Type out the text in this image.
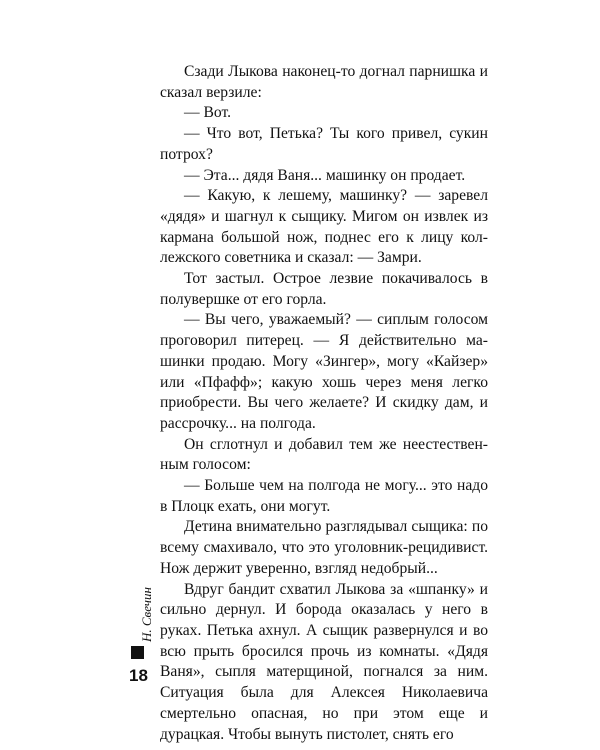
Сзади Лыкова наконец-то догнал парнишка и сказал верзиле:

— Вот.

— Что вот, Петька? Ты кого привел, сукин потрох?

— Эта... дядя Ваня... машинку он продает.

— Какую, к лешему, машинку? — заревел «дядя» и шагнул к сыщику. Мигом он извлек из кармана большой нож, поднес его к лицу коллежского советника и сказал: — Замри.

Тот застыл. Острое лезвие покачивалось в полувершке от его горла.

— Вы чего, уважаемый? — сиплым голосом проговорил питерец. — Я действительно машинки продаю. Могу «Зингер», могу «Кайзер» или «Пфафф»; какую хошь через меня легко приобрести. Вы чего желаете? И скидку дам, и рассрочку... на полгода.

Он сглотнул и добавил тем же неестественным голосом:

— Больше чем на полгода не могу... это надо в Плоцк ехать, они могут.

Детина внимательно разглядывал сыщика: по всему смахивало, что это уголовник-рецидивист. Нож держит уверенно, взгляд недобрый...

Вдруг бандит схватил Лыкова за «шпанку» и сильно дернул. И борода оказалась у него в руках. Петька ахнул. А сыщик развернулся и во всю прыть бросился прочь из комнаты. «Дядя Ваня», сыпля матерщиной, погнался за ним. Ситуация была для Алексея Николаевича смертельно опасная, но при этом еще и дурацкая. Чтобы вынуть пистолет, снять его

Н. Свечин
18
